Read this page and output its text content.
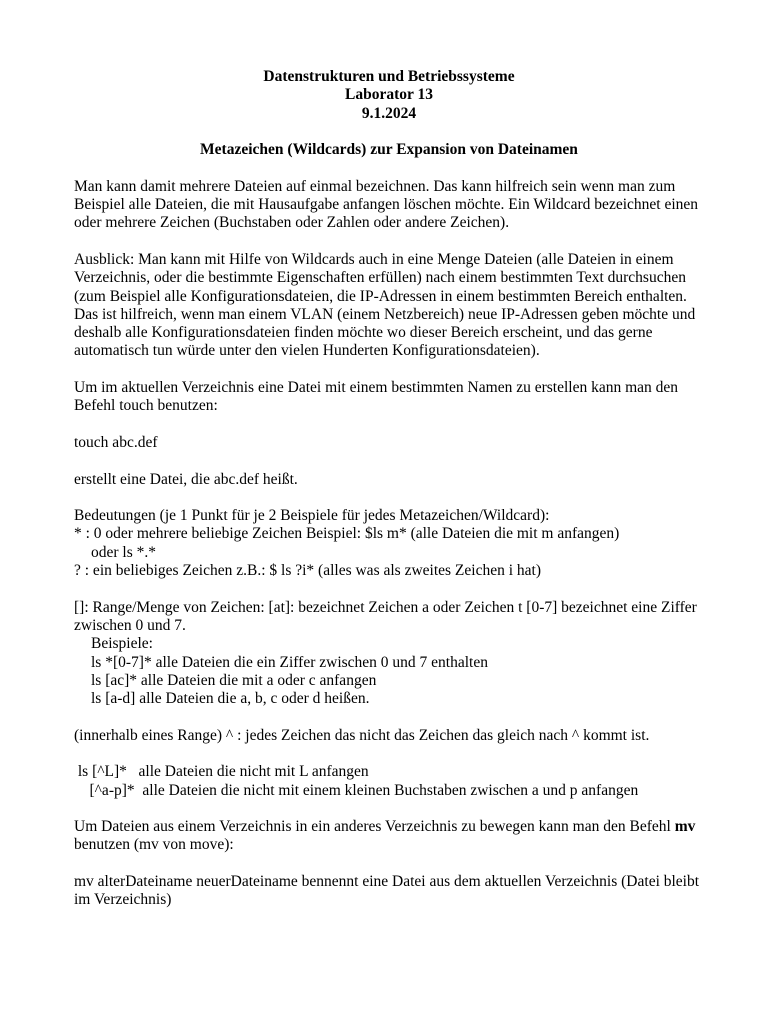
Datenstrukturen und Betriebssysteme

Laborator 13

9.1.2024

Metazeichen (Wildcards) zur Expansion von Dateinamen

Man kann damit mehrere Dateien auf einmal bezeichnen. Das kann hilfreich sein wenn man zum Beispiel alle Dateien, die mit Hausaufgabe anfangen löschen möchte. Ein Wildcard bezeichnet einen oder mehrere Zeichen (Buchstaben oder Zahlen oder andere Zeichen).

Ausblick: Man kann mit Hilfe von Wildcards auch in eine Menge Dateien (alle Dateien in einem Verzeichnis, oder die bestimmte Eigenschaften erfüllen) nach einem bestimmten Text durchsuchen (zum Beispiel alle Konfigurationsdateien, die IP-Adressen in einem bestimmten Bereich enthalten. Das ist hilfreich, wenn man einem VLAN (einem Netzbereich) neue IP-Adressen geben möchte und deshalb alle Konfigurationsdateien finden möchte wo dieser Bereich erscheint, und das gerne automatisch tun würde unter den vielen Hunderten Konfigurationsdateien).

Um im aktuellen Verzeichnis eine Datei mit einem bestimmten Namen zu erstellen kann man den Befehl touch benutzen:

touch abc.def

erstellt eine Datei, die abc.def heißt.

Bedeutungen (je 1 Punkt für je 2 Beispiele für jedes Metazeichen/Wildcard):

* : 0 oder mehrere beliebige Zeichen Beispiel: $ls m* (alle Dateien die mit m anfangen)

oder ls *.*

? : ein beliebiges Zeichen z.B.: $ ls ?i* (alles was als zweites Zeichen i hat)

[]: Range/Menge von Zeichen: [at]: bezeichnet Zeichen a oder Zeichen t [0-7] bezeichnet eine Ziffer zwischen 0 und 7.

Beispiele:

ls *[0-7]* alle Dateien die ein Ziffer zwischen 0 und 7 enthalten

ls [ac]* alle Dateien die mit a oder c anfangen

ls [a-d] alle Dateien die a, b, c oder d heißen.

(innerhalb eines Range) ^ : jedes Zeichen das nicht das Zeichen das gleich nach ^ kommt ist.

ls [^L]*   alle Dateien die nicht mit L anfangen

[^a-p]*  alle Dateien die nicht mit einem kleinen Buchstaben zwischen a und p anfangen

Um Dateien aus einem Verzeichnis in ein anderes Verzeichnis zu bewegen kann man den Befehl mv benutzen (mv von move):

mv alterDateiname neuerDateiname bennennt eine Datei aus dem aktuellen Verzeichnis (Datei bleibt im Verzeichnis)
